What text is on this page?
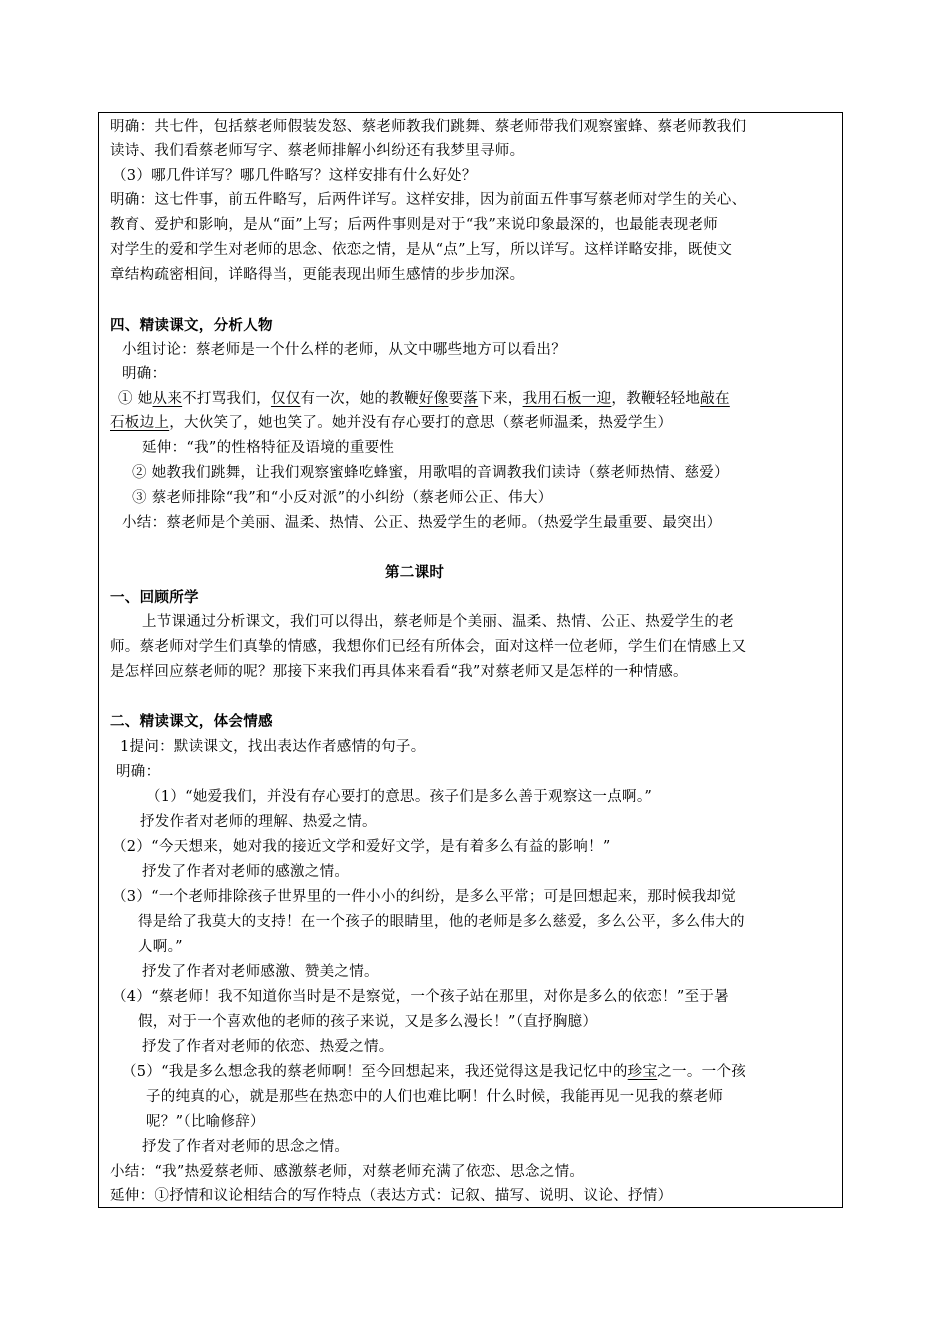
明确：共七件，包括蔡老师假装发怒、蔡老师教我们跳舞、蔡老师带我们观察蜜蜂、蔡老师教我们
读诗、我们看蔡老师写字、蔡老师排解小纠纷还有我梦里寻师。
（3）哪几件详写？哪几件略写？这样安排有什么好处？
明确：这七件事，前五件略写，后两件详写。这样安排，因为前面五件事写蔡老师对学生的关心、
教育、爱护和影响，是从“面”上写；后两件事则是对于“我”来说印象最深的，也最能表现老师
对学生的爱和学生对老师的思念、依恋之情，是从“点”上写，所以详写。这样详略安排，既使文
章结构疏密相间，详略得当，更能表现出师生感情的步步加深。
四、精读课文，分析人物
小组讨论：蔡老师是一个什么样的老师，从文中哪些地方可以看出？
明确：
① 她从来不打骂我们，仅仅有一次，她的教鞭好像要落下来，我用石板一迎，教鞭轻轻地敲在
石板边上，大伙笑了，她也笑了。她并没有存心要打的意思（蔡老师温柔，热爱学生）
延伸：“我”的性格特征及语境的重要性
② 她教我们跳舞，让我们观察蜜蜂吃蜂蜜，用歌唱的音调教我们读诗（蔡老师热情、慈爱）
③ 蔡老师排除“我”和“小反对派”的小纠纷（蔡老师公正、伟大）
小结：蔡老师是个美丽、温柔、热情、公正、热爱学生的老师。（热爱学生最重要、最突出）
第二课时
一、回顾所学
上节课通过分析课文，我们可以得出，蔡老师是个美丽、温柔、热情、公正、热爱学生的老
师。蔡老师对学生们真挚的情感，我想你们已经有所体会，面对这样一位老师，学生们在情感上又
是怎样回应蔡老师的呢？那接下来我们再具体来看看“我”对蔡老师又是怎样的一种情感。
二、精读课文，体会情感
1提问：默读课文，找出表达作者感情的句子。
明确：
（1）“她爱我们，并没有存心要打的意思。孩子们是多么善于观察这一点啊。”
抒发作者对老师的理解、热爱之情。
（2）“今天想来，她对我的接近文学和爱好文学，是有着多么有益的影响！”
抒发了作者对老师的感激之情。
（3）“一个老师排除孩子世界里的一件小小的纠纷，是多么平常；可是回想起来，那时候我却觉
得是给了我莫大的支持！在一个孩子的眼睛里，他的老师是多么慈爱，多么公平，多么伟大的
人啊。”
抒发了作者对老师感激、赞美之情。
（4）“蔡老师！我不知道你当时是不是察觉，一个孩子站在那里，对你是多么的依恋！”至于暑
假，对于一个喜欢他的老师的孩子来说，又是多么漫长！”（直抒胸臆）
抒发了作者对老师的依恋、热爱之情。
（5）“我是多么想念我的蔡老师啊！至今回想起来，我还觉得这是我记忆中的珍宝之一。一个孩
子的纯真的心，就是那些在热恋中的人们也难比啊！什么时候，我能再见一见我的蔡老师
呢？”（比喻修辞）
抒发了作者对老师的思念之情。
小结：“我”热爱蔡老师、感激蔡老师，对蔡老师充满了依恋、思念之情。
延伸：①抒情和议论相结合的写作特点（表达方式：记叙、描写、说明、议论、抒情）
